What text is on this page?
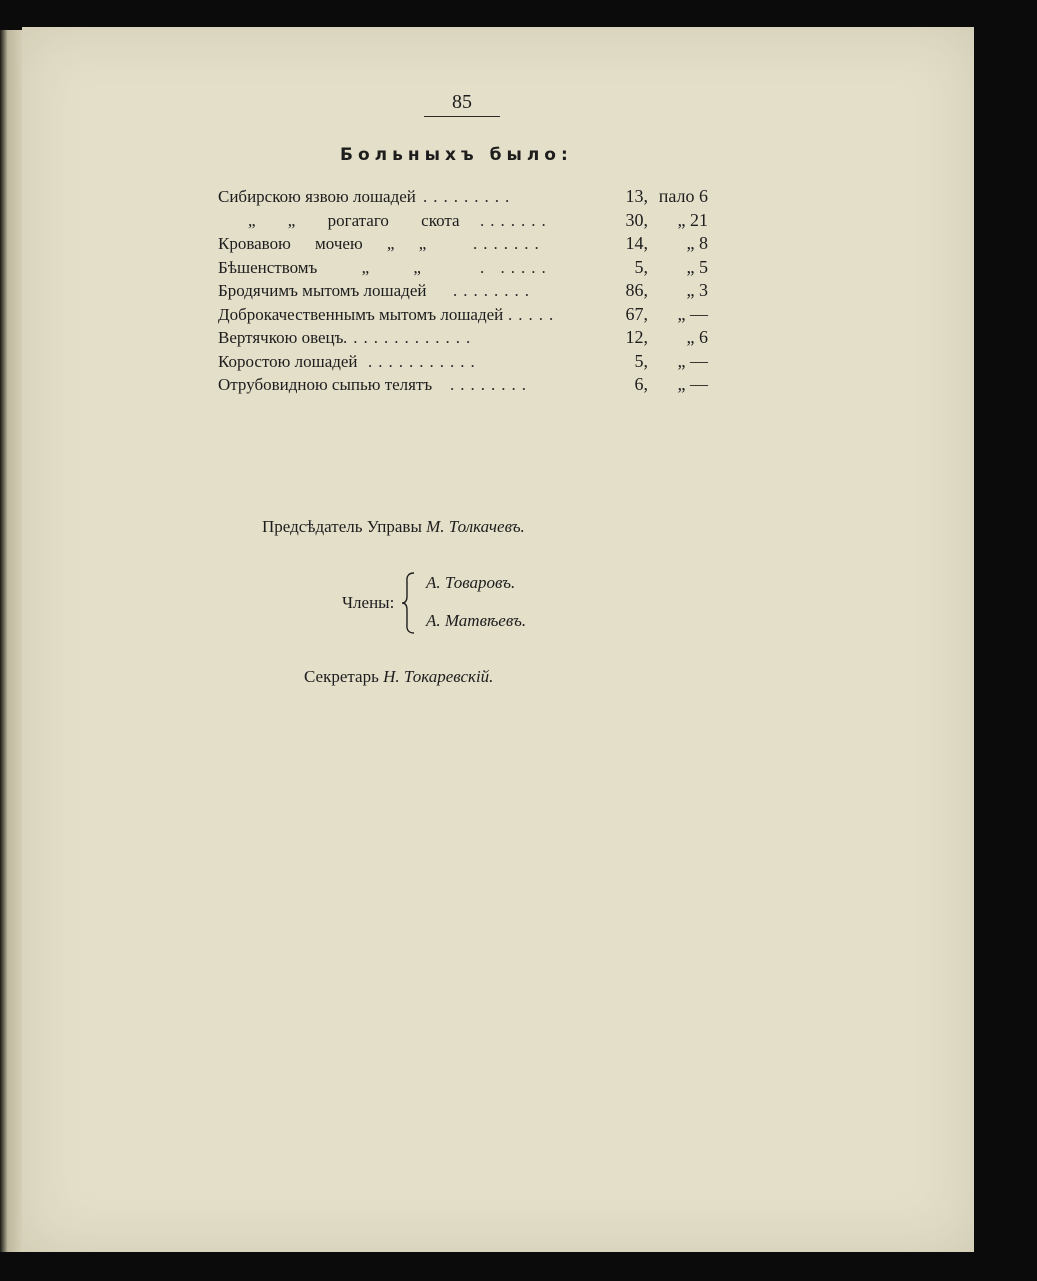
85
Больныхъ было:
Сибирскою язвою лошадей .........	13, пало 6
„ „ рогатаго скота .......	30, „ 21
Кровавою мочею „ „	.......	14, „ 8
Бѣшенствомъ „ „	. .....	5, „ 5
Бродячимъ мытомъ лошадей ........	86, „ 3
Доброкачественнымъ мытомъ лошадей .....	67, „ —
Вертячкою овецъ .............	12, „ 6
Коростою лошадей ...........	5, „ —
Отрубовидною сыпью телятъ ........	6, „ —
Предсѣдатель Управы М. Толкачевъ.
Члены:
А. Товаровъ.
А. Матвѣевъ.
Секретарь Н. Токаревскій.
